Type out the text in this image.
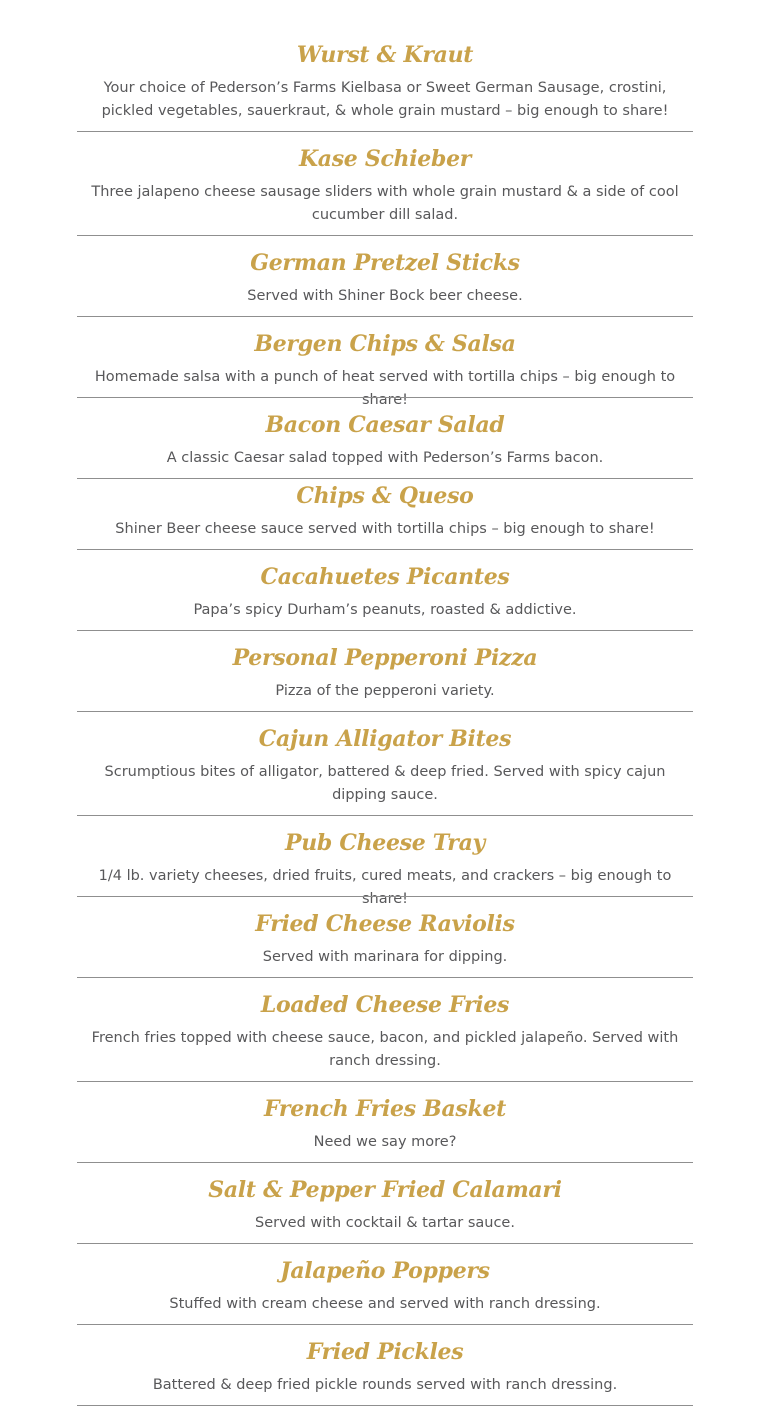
Wurst & Kraut
Your choice of Pederson’s Farms Kielbasa or Sweet German Sausage, crostini, pickled vegetables, sauerkraut, & whole grain mustard – big enough to share!
Kase Schieber
Three jalapeno cheese sausage sliders with whole grain mustard & a side of cool cucumber dill salad.
German Pretzel Sticks
Served with Shiner Bock beer cheese.
Bergen Chips & Salsa
Homemade salsa with a punch of heat served with tortilla chips – big enough to share!
Bacon Caesar Salad
A classic Caesar salad topped with Pederson’s Farms bacon.
Chips & Queso
Shiner Beer cheese sauce served with tortilla chips – big enough to share!
Cacahuetes Picantes
Papa’s spicy Durham’s peanuts, roasted & addictive.
Personal Pepperoni Pizza
Pizza of the pepperoni variety.
Cajun Alligator Bites
Scrumptious bites of alligator, battered & deep fried. Served with spicy cajun dipping sauce.
Pub Cheese Tray
1/4 lb. variety cheeses, dried fruits, cured meats, and crackers – big enough to share!
Fried Cheese Raviolis
Served with marinara for dipping.
Loaded Cheese Fries
French fries topped with cheese sauce, bacon, and pickled jalapeño. Served with ranch dressing.
French Fries Basket
Need we say more?
Salt & Pepper Fried Calamari
Served with cocktail & tartar sauce.
Jalapeño Poppers
Stuffed with cream cheese and served with ranch dressing.
Fried Pickles
Battered & deep fried pickle rounds served with ranch dressing.
